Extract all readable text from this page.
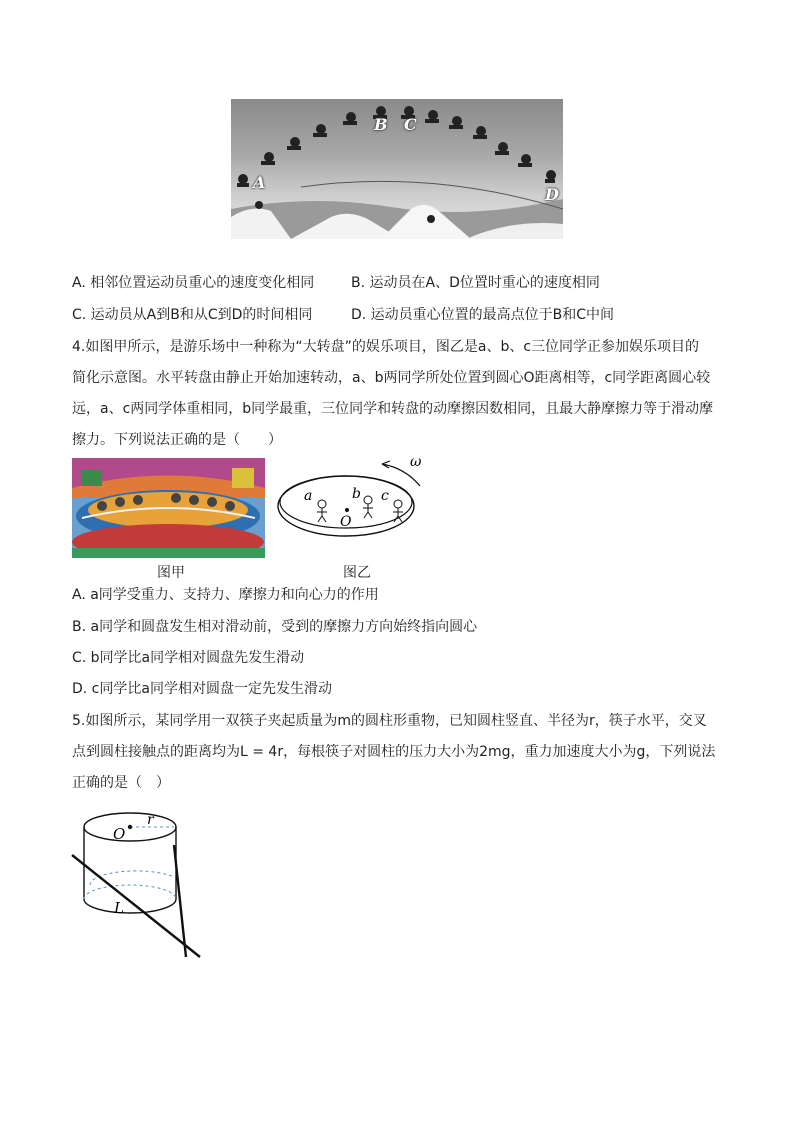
A
B C
D
A. 相邻位置运动员重心的速度变化相同	B. 运动员在A、D位置时重心的速度相同
C. 运动员从A到B和从C到D的时间相同	D. 运动员重心位置的最高点位于B和C中间
4.如图甲所示，是游乐场中一种称为“大转盘”的娱乐项目，图乙是a、b、c三位同学正参加娱乐项目的
简化示意图。水平转盘由静止开始加速转动，a、b两同学所处位置到圆心O距离相等，c同学距离圆心较
远，a、c两同学体重相同，b同学最重，三位同学和转盘的动摩擦因数相同，且最大静摩擦力等于滑动摩
擦力。下列说法正确的是（　　）
图甲
ω
a	b c
O
图乙
A. a同学受重力、支持力、摩擦力和向心力的作用
B. a同学和圆盘发生相对滑动前，受到的摩擦力方向始终指向圆心
C. b同学比a同学相对圆盘先发生滑动
D. c同学比a同学相对圆盘一定先发生滑动
5.如图所示，某同学用一双筷子夹起质量为m的圆柱形重物，已知圆柱竖直、半径为r，筷子水平，交叉
点到圆柱接触点的距离均为L = 4r，每根筷子对圆柱的压力大小为2mg，重力加速度大小为g，下列说法
正确的是（　）
O
r
L
